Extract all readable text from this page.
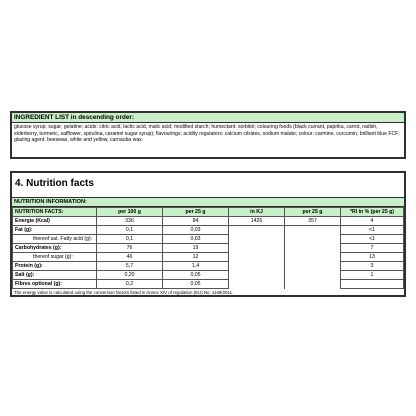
INGREDIENT LIST in descending order:
glucose syrup; sugar; gelatine; acids: citric acid, lactic acid, malic acid; modified starch; humectant: sorbitol; colouring foods (black currant, paprika, carrot, radish, elderberry, turmeric, safflower, spirulina, caramel sugar syrup); flavourings; acidity regulators: calcium citrates, sodium malate; colour: carmine, curcumin, brilliant blue FCF; glazing agent: beeswax, white and yellow, carnauba wax.
4. Nutrition facts
NUTRITION INFORMATION:
NUTRITION FACTS:	per 100 g	per 25 g	in KJ	per 25 g	*RI in % (per 25 g)
Energie (Kcal)	336	84	1426	357	4
Fat (g):	0,1	0,03			<1
thereof sat. Fatty acid (g):	0,1	0,03			<1
Carbohydrates (g):	76	19			7
thereof sugar (g):	46	12			13
Protein (g):	5,7	1,4			3
Salt (g):	0,20	0,05			1
Fibres optional (g):	0,2	0,05			
The energy value is calculated using the conversion factors listed in Annex XIV of regulation (EU) No. 1169/2011.
